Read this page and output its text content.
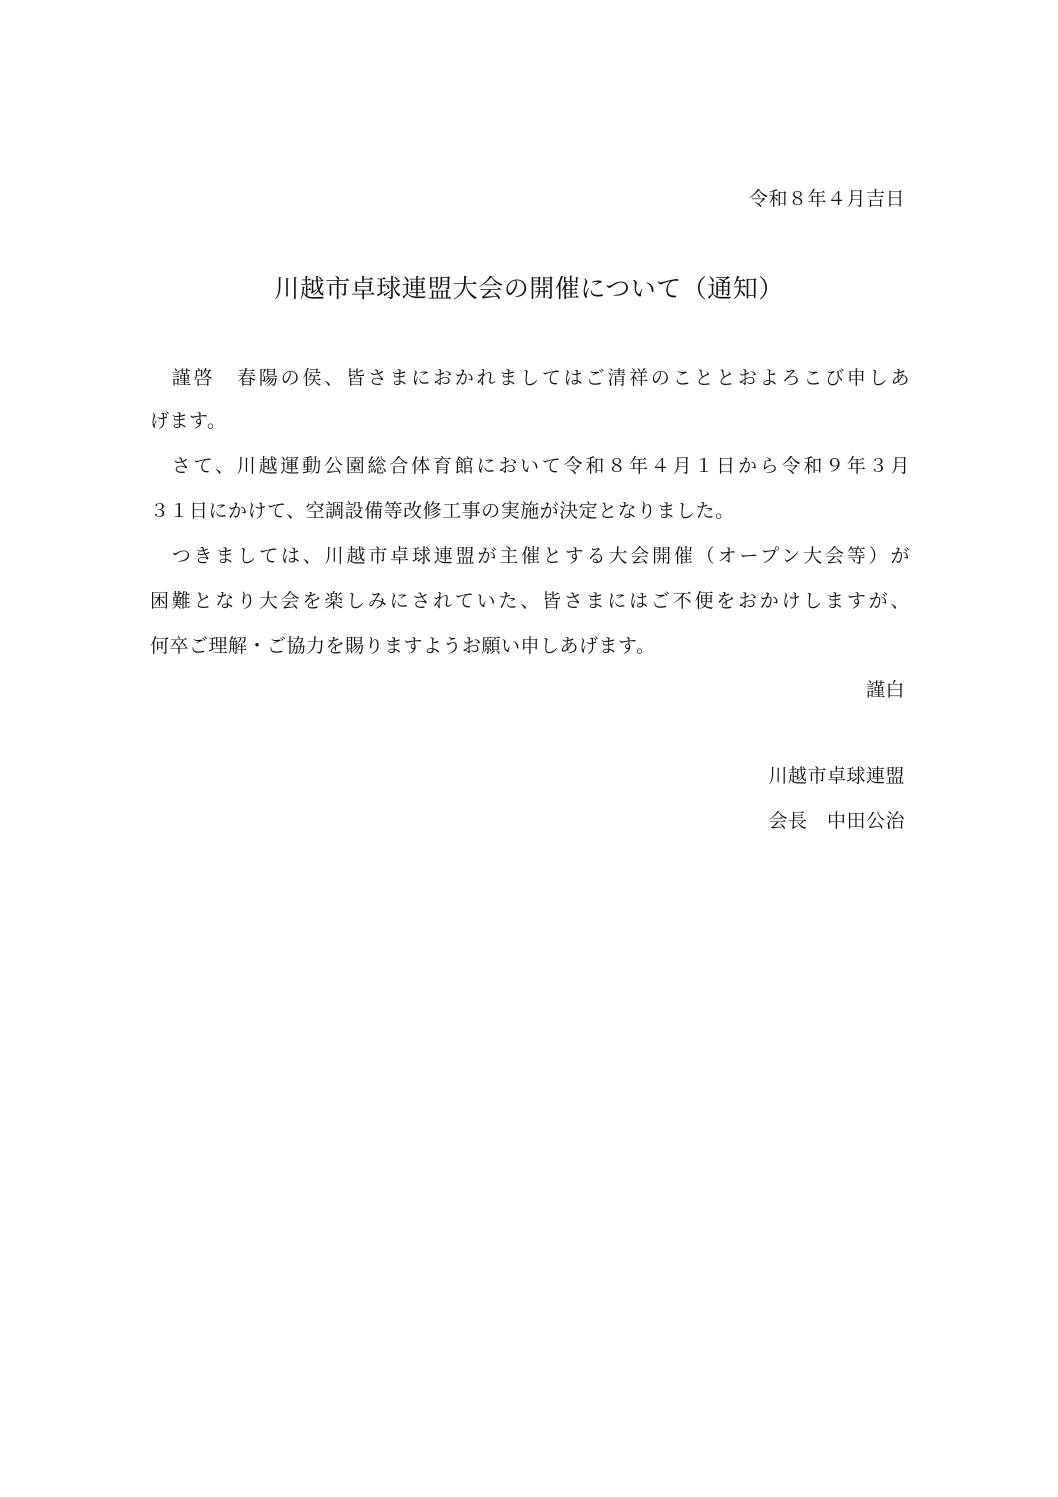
令和８年４月吉日
川越市卓球連盟大会の開催について（通知）
　謹啓　春陽の侯、皆さまにおかれましてはご清祥のこととおよろこび申しあ
げます。
　さて、川越運動公園総合体育館において令和８年４月１日から令和９年３月
３１日にかけて、空調設備等改修工事の実施が決定となりました。
　つきましては、川越市卓球連盟が主催とする大会開催（オープン大会等）が
困難となり大会を楽しみにされていた、皆さまにはご不便をおかけしますが、
何卒ご理解・ご協力を賜りますようお願い申しあげます。
謹白
川越市卓球連盟
会長　中田公治
